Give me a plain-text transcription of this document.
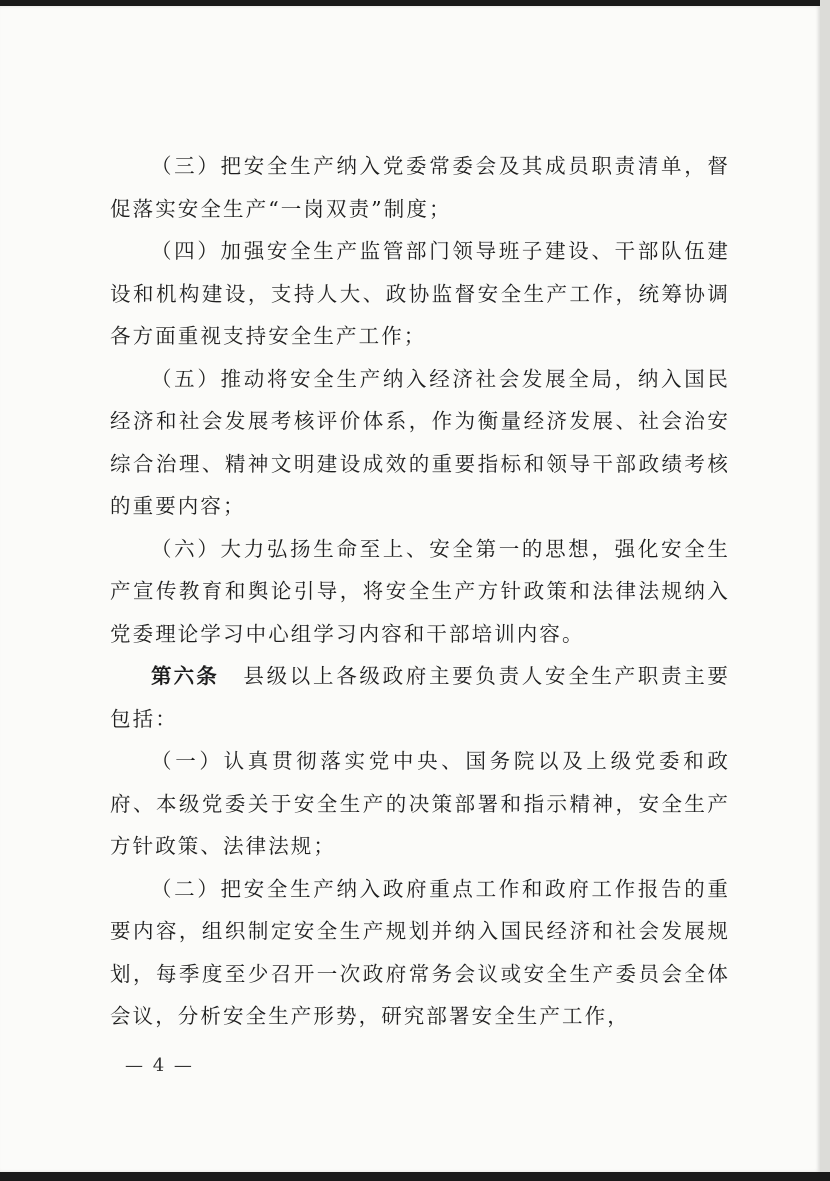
（三）把安全生产纳入党委常委会及其成员职责清单，督促落实安全生产“一岗双责”制度；

（四）加强安全生产监管部门领导班子建设、干部队伍建设和机构建设，支持人大、政协监督安全生产工作，统筹协调各方面重视支持安全生产工作；

（五）推动将安全生产纳入经济社会发展全局，纳入国民经济和社会发展考核评价体系，作为衡量经济发展、社会治安综合治理、精神文明建设成效的重要指标和领导干部政绩考核的重要内容；

（六）大力弘扬生命至上、安全第一的思想，强化安全生产宣传教育和舆论引导，将安全生产方针政策和法律法规纳入党委理论学习中心组学习内容和干部培训内容。

第六条 县级以上各级政府主要负责人安全生产职责主要包括：

（一）认真贯彻落实党中央、国务院以及上级党委和政府、本级党委关于安全生产的决策部署和指示精神，安全生产方针政策、法律法规；

（二）把安全生产纳入政府重点工作和政府工作报告的重要内容，组织制定安全生产规划并纳入国民经济和社会发展规划，每季度至少召开一次政府常务会议或安全生产委员会全体会议，分析安全生产形势，研究部署安全生产工作，

— 4 —
